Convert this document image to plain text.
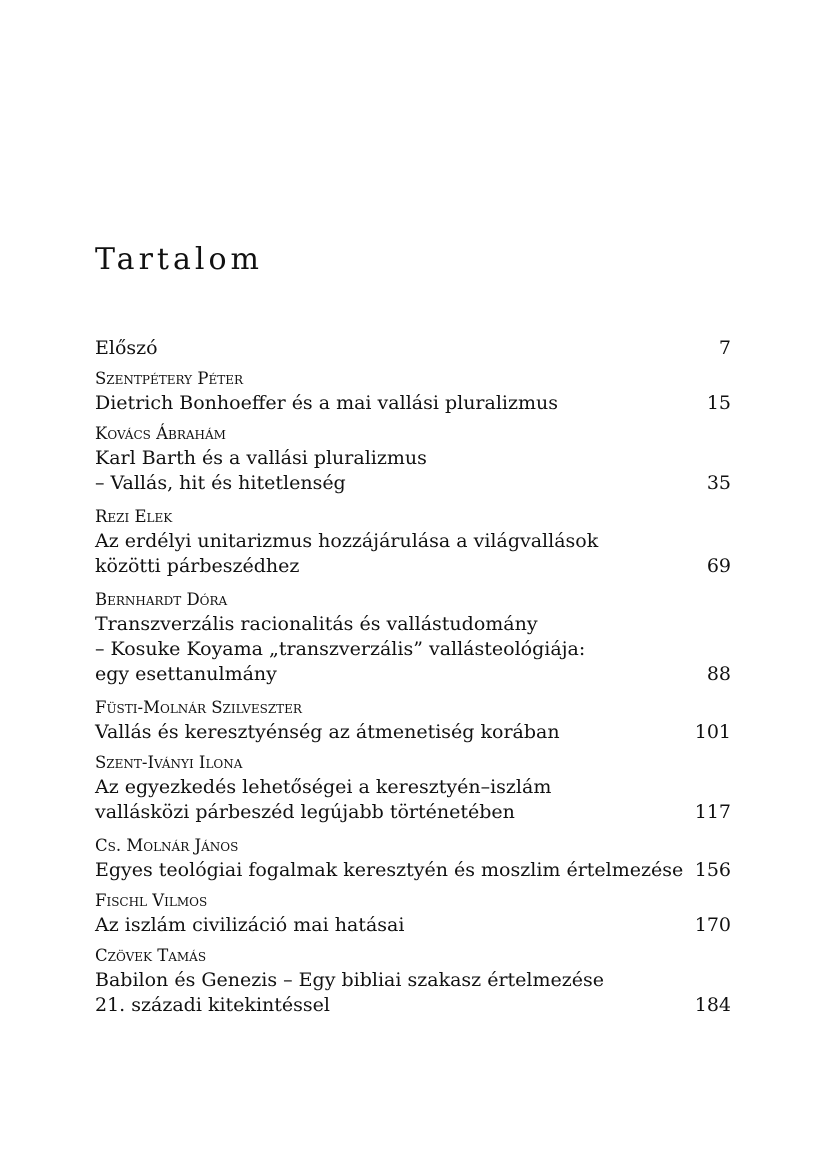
Tartalom
Előszó	7
Szentpétery Péter
Dietrich Bonhoeffer és a mai vallási pluralizmus	15
Kovács Ábrahám
Karl Barth és a vallási pluralizmus
– Vallás, hit és hitetlenség	35
Rezi Elek
Az erdélyi unitarizmus hozzájárulása a világvallások
közötti párbeszédhez	69
Bernhardt Dóra
Transzverzális racionalitás és vallástudomány
– Kosuke Koyama „transzverzális” vallásteológiája:
egy esettanulmány	88
Füsti-Molnár Szilveszter
Vallás és keresztyénség az átmenetiség korában	101
Szent-Iványi Ilona
Az egyezkedés lehetőségei a keresztyén–iszlám
vallásközi párbeszéd legújabb történetében	117
Cs. Molnár János
Egyes teológiai fogalmak keresztyén és moszlim értelmezése 156
Fischl Vilmos
Az iszlám civilizáció mai hatásai	170
Czövek Tamás
Babilon és Genezis – Egy bibliai szakasz értelmezése
21. századi kitekintéssel	184
